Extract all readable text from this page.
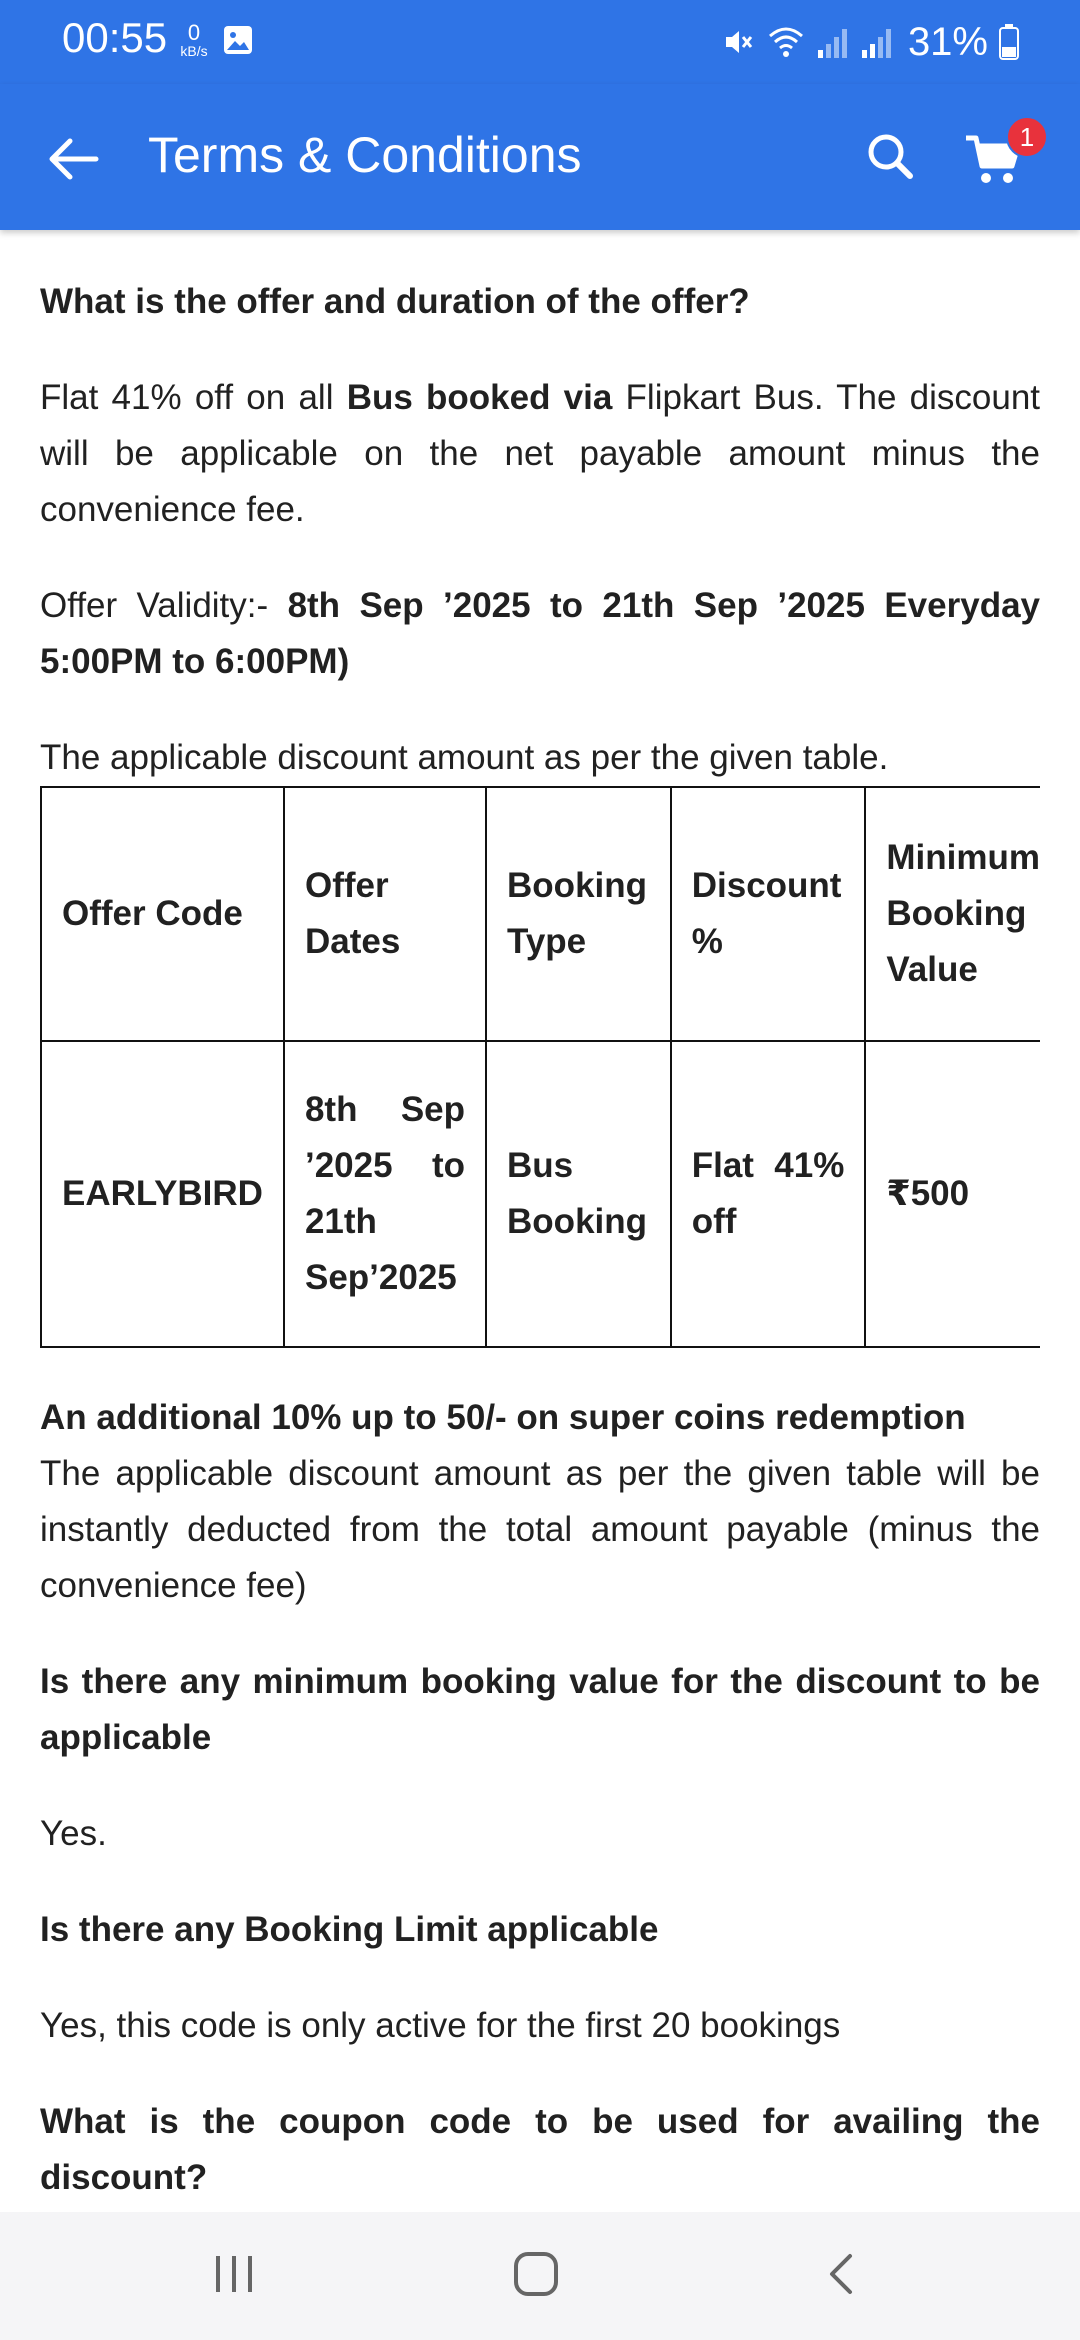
00:55 0
kB/s	31%
Terms & Conditions	1

What is the offer and duration of the offer?

Flat 41% off on all Bus booked via Flipkart Bus. The discount will be applicable on the net payable amount minus the convenience fee.

Offer Validity:- 8th Sep ’2025 to 21th Sep ’2025 Everyday 5:00PM to 6:00PM)

The applicable discount amount as per the given table.

Offer Code	Offer Dates	Booking Type	Discount %	Minimum Booking Value
EARLYBIRD	8th Sep ’2025 to 21th Sep’2025	Bus Booking	Flat 41% off	₹500

An additional 10% up to 50/- on super coins redemption

The applicable discount amount as per the given table will be instantly deducted from the total amount payable (minus the convenience fee)

Is there any minimum booking value for the discount to be applicable

Yes.

Is there any Booking Limit applicable

Yes, this code is only active for the first 20 bookings

What is the coupon code to be used for availing the discount?
